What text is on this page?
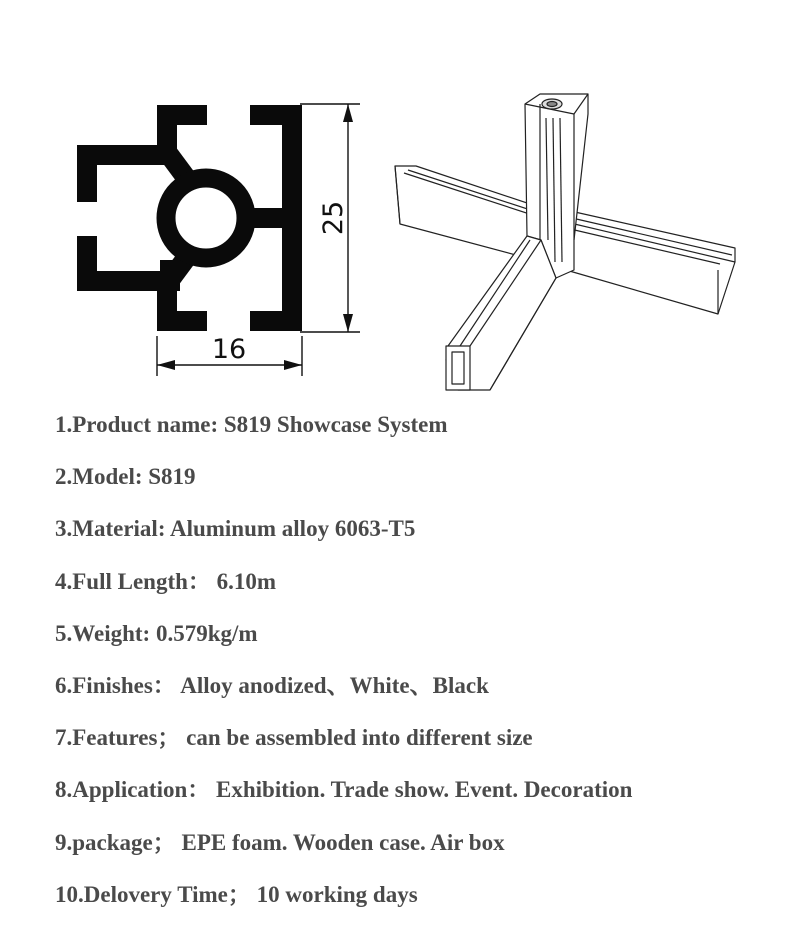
25
16
1.Product name: S819 Showcase System
2.Model: S819
3.Material: Aluminum alloy 6063-T5
4.Full Length： 6.10m
5.Weight: 0.579kg/m
6.Finishes： Alloy anodized、White、Black
7.Features； can be assembled into different size
8.Application： Exhibition. Trade show. Event. Decoration
9.package； EPE foam. Wooden case. Air box
10.Delovery Time； 10 working days
